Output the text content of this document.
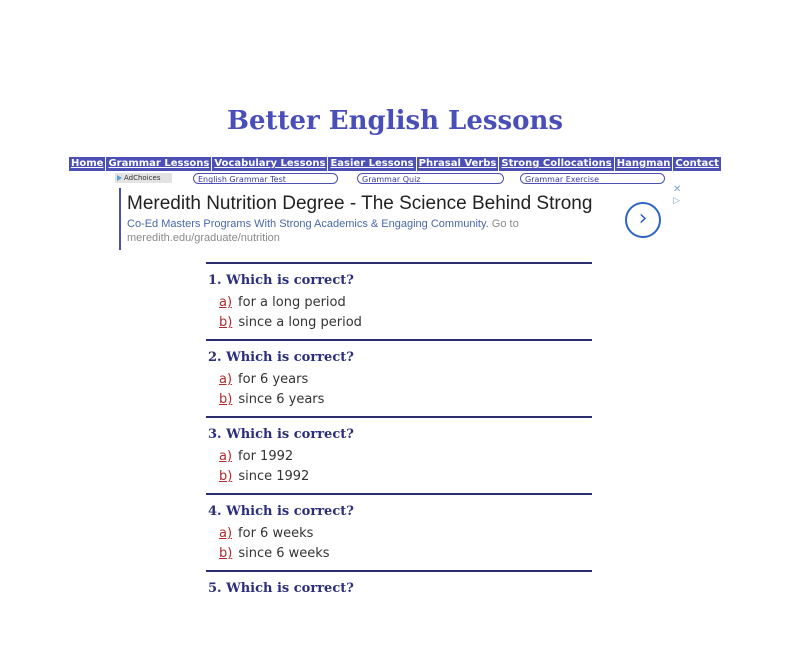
Better English Lessons
Home Grammar Lessons Vocabulary Lessons Easier Lessons Phrasal Verbs Strong Collocations Hangman Contact
AdChoices	English Grammar Test	Grammar Quiz	Grammar Exercise
Meredith Nutrition Degree - The Science Behind Strong
Co-Ed Masters Programs With Strong Academics & Engaging Community. Go to
meredith.edu/graduate/nutrition
›
✕
▷
1. Which is correct?
a) for a long period
b) since a long period
2. Which is correct?
a) for 6 years
b) since 6 years
3. Which is correct?
a) for 1992
b) since 1992
4. Which is correct?
a) for 6 weeks
b) since 6 weeks
5. Which is correct?
